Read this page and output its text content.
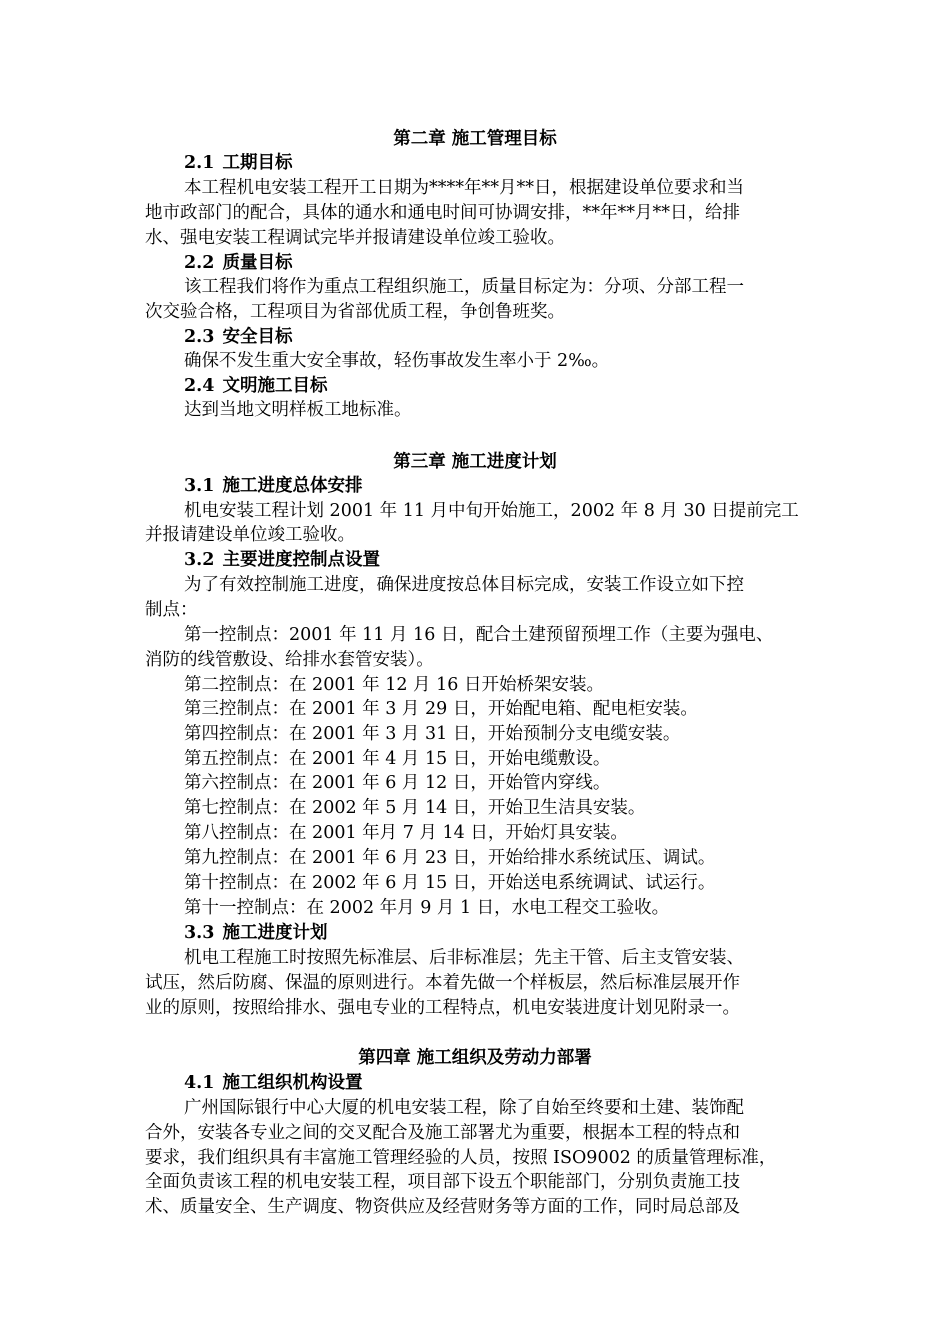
第二章 施工管理目标
2.1 工期目标
本工程机电安装工程开工日期为****年**月**日，根据建设单位要求和当
地市政部门的配合，具体的通水和通电时间可协调安排，**年**月**日，给排
水、强电安装工程调试完毕并报请建设单位竣工验收。
2.2 质量目标
该工程我们将作为重点工程组织施工，质量目标定为：分项、分部工程一
次交验合格，工程项目为省部优质工程，争创鲁班奖。
2.3 安全目标
确保不发生重大安全事故，轻伤事故发生率小于 2‰。
2.4 文明施工目标
达到当地文明样板工地标准。
第三章 施工进度计划
3.1 施工进度总体安排
机电安装工程计划 2001 年 11 月中旬开始施工，2002 年 8 月 30 日提前完工
并报请建设单位竣工验收。
3.2 主要进度控制点设置
为了有效控制施工进度，确保进度按总体目标完成，安装工作设立如下控
制点：
第一控制点：2001 年 11 月 16 日，配合土建预留预埋工作（主要为强电、
消防的线管敷设、给排水套管安装）。
第二控制点：在 2001 年 12 月 16 日开始桥架安装。
第三控制点：在 2001 年 3 月 29 日，开始配电箱、配电柜安装。
第四控制点：在 2001 年 3 月 31 日，开始预制分支电缆安装。
第五控制点：在 2001 年 4 月 15 日，开始电缆敷设。
第六控制点：在 2001 年 6 月 12 日，开始管内穿线。
第七控制点：在 2002 年 5 月 14 日，开始卫生洁具安装。
第八控制点：在 2001 年月 7 月 14 日，开始灯具安装。
第九控制点：在 2001 年 6 月 23 日，开始给排水系统试压、调试。
第十控制点：在 2002 年 6 月 15 日，开始送电系统调试、试运行。
第十一控制点：在 2002 年月 9 月 1 日，水电工程交工验收。
3.3 施工进度计划
机电工程施工时按照先标准层、后非标准层；先主干管、后主支管安装、
试压，然后防腐、保温的原则进行。本着先做一个样板层，然后标准层展开作
业的原则，按照给排水、强电专业的工程特点，机电安装进度计划见附录一。
第四章 施工组织及劳动力部署
4.1 施工组织机构设置
广州国际银行中心大厦的机电安装工程，除了自始至终要和土建、装饰配
合外，安装各专业之间的交叉配合及施工部署尤为重要，根据本工程的特点和
要求，我们组织具有丰富施工管理经验的人员，按照 ISO9002 的质量管理标准，
全面负责该工程的机电安装工程，项目部下设五个职能部门，分别负责施工技
术、质量安全、生产调度、物资供应及经营财务等方面的工作，同时局总部及
